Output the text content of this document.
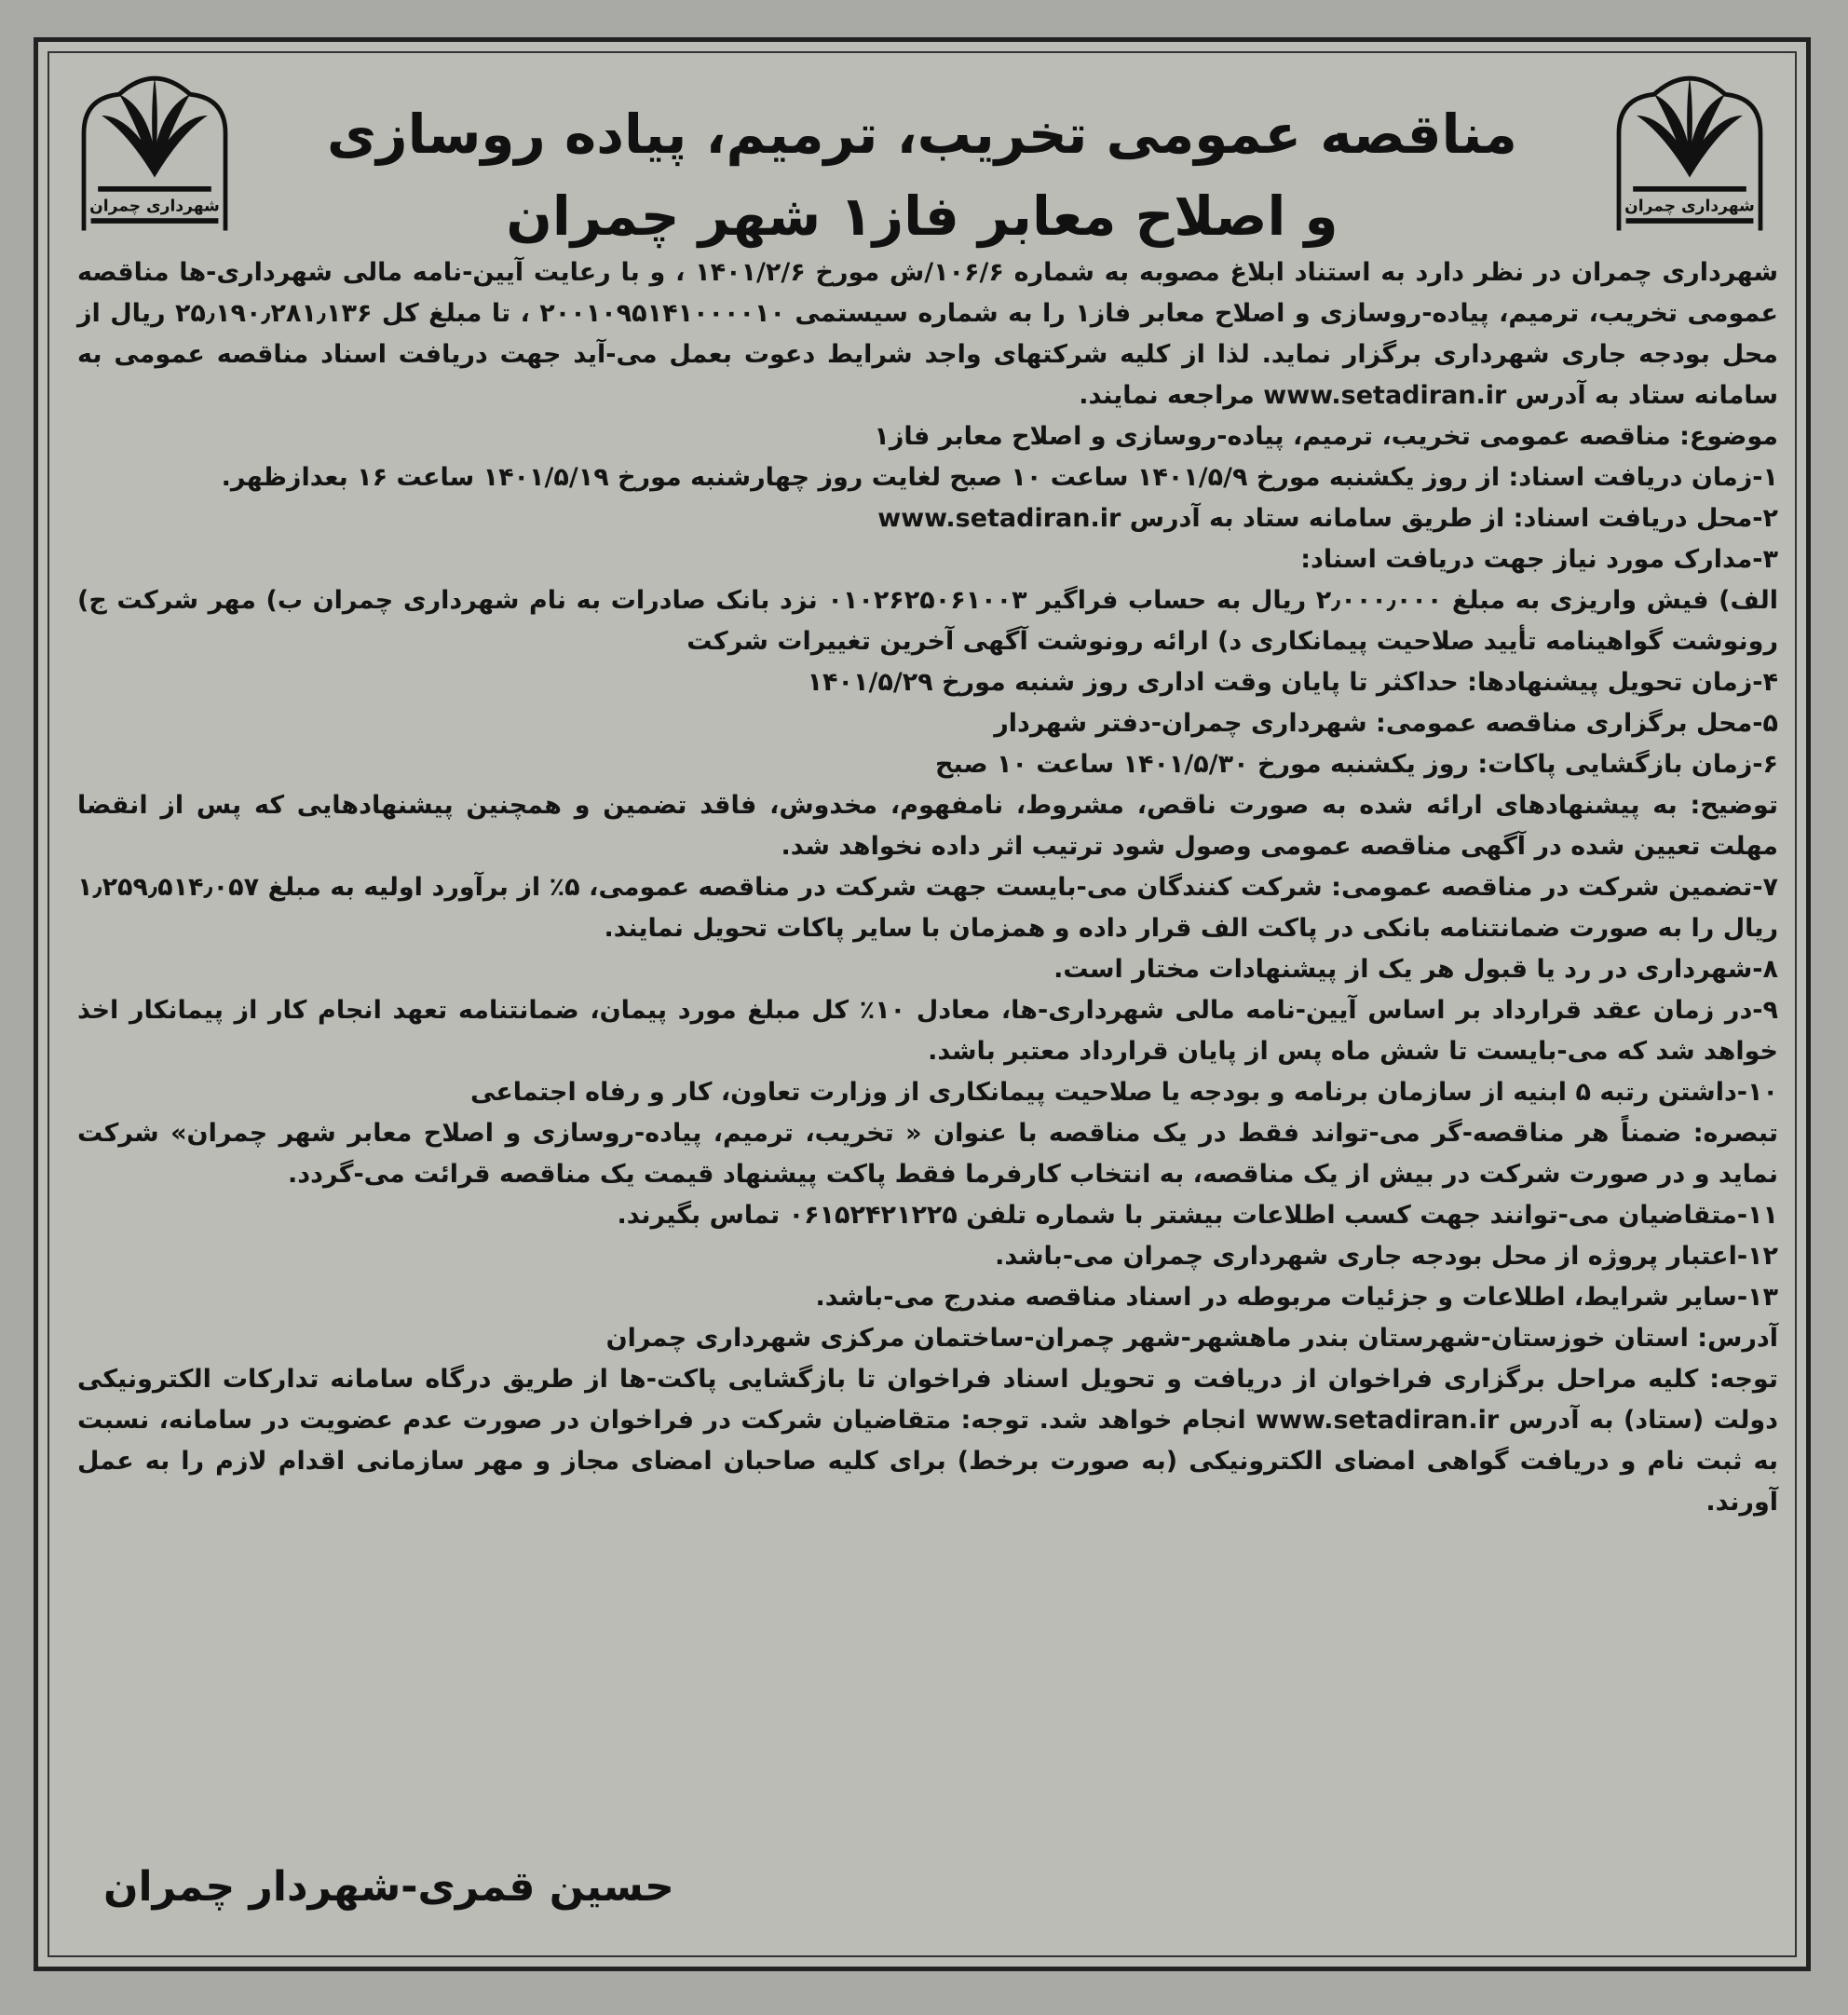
شهرداری چمران	شهرداری چمران
مناقصه عمومی تخریب، ترمیم، پیاده روسازی
و اصلاح معابر فاز۱ شهر چمران

شهرداری چمران در نظر دارد به استناد ابلاغ مصوبه به شماره ۱۰۶/۶/ش مورخ ۱۴۰۱/۲/۶ ، و با رعایت آیین-نامه مالی شهرداری-ها مناقصه عمومی تخریب، ترمیم، پیاده-روسازی و اصلاح معابر فاز۱ را به شماره سیستمی ۲۰۰۱۰۹۵۱۴۱۰۰۰۰۱۰ ، تا مبلغ کل ۲۵٫۱۹۰٫۲۸۱٫۱۳۶ ریال از محل بودجه جاری شهرداری برگزار نماید. لذا از کلیه شرکتهای واجد شرایط دعوت بعمل می-آید جهت دریافت اسناد مناقصه عمومی به سامانه ستاد به آدرس www.setadiran.ir مراجعه نمایند.

موضوع: مناقصه عمومی تخریب، ترمیم، پیاده-روسازی و اصلاح معابر فاز۱

۱-زمان دریافت اسناد: از روز یکشنبه مورخ ۱۴۰۱/۵/۹ ساعت ۱۰ صبح لغایت روز چهارشنبه مورخ ۱۴۰۱/۵/۱۹ ساعت ۱۶ بعدازظهر.

۲-محل دریافت اسناد: از طریق سامانه ستاد به آدرس www.setadiran.ir

۳-مدارک مورد نیاز جهت دریافت اسناد:

الف) فیش واریزی به مبلغ ۲٫۰۰۰٫۰۰۰ ریال به حساب فراگیر ۰۱۰۲۶۲۵۰۶۱۰۰۳ نزد بانک صادرات به نام شهرداری چمران ب) مهر شرکت ج) رونوشت گواهینامه تأیید صلاحیت پیمانکاری د) ارائه رونوشت آگهی آخرین تغییرات شرکت

۴-زمان تحویل پیشنهادها: حداکثر تا پایان وقت اداری روز شنبه مورخ ۱۴۰۱/۵/۲۹

۵-محل برگزاری مناقصه عمومی: شهرداری چمران-دفتر شهردار

۶-زمان بازگشایی پاکات: روز یکشنبه مورخ ۱۴۰۱/۵/۳۰ ساعت ۱۰ صبح

توضیح: به پیشنهادهای ارائه شده به صورت ناقص، مشروط، نامفهوم، مخدوش، فاقد تضمین و همچنین پیشنهادهایی که پس از انقضا مهلت تعیین شده در آگهی مناقصه عمومی وصول شود ترتیب اثر داده نخواهد شد.

۷-تضمین شرکت در مناقصه عمومی: شرکت کنندگان می-بایست جهت شرکت در مناقصه عمومی، ۵٪ از برآورد اولیه به مبلغ ۱٫۲۵۹٫۵۱۴٫۰۵۷ ریال را به صورت ضمانتنامه بانکی در پاکت الف قرار داده و همزمان با سایر پاکات تحویل نمایند.

۸-شهرداری در رد یا قبول هر یک از پیشنهادات مختار است.

۹-در زمان عقد قرارداد بر اساس آیین-نامه مالی شهرداری-ها، معادل ۱۰٪ کل مبلغ مورد پیمان، ضمانتنامه تعهد انجام کار از پیمانکار اخذ خواهد شد که می-بایست تا شش ماه پس از پایان قرارداد معتبر باشد.

۱۰-داشتن رتبه ۵ ابنیه از سازمان برنامه و بودجه یا صلاحیت پیمانکاری از وزارت تعاون، کار و رفاه اجتماعی

تبصره: ضمناً هر مناقصه-گر می-تواند فقط در یک مناقصه با عنوان « تخریب، ترمیم، پیاده-روسازی و اصلاح معابر شهر چمران» شرکت نماید و در صورت شرکت در بیش از یک مناقصه، به انتخاب کارفرما فقط پاکت پیشنهاد قیمت یک مناقصه قرائت می-گردد.

۱۱-متقاضیان می-توانند جهت کسب اطلاعات بیشتر با شماره تلفن ۰۶۱۵۲۴۲۱۲۲۵ تماس بگیرند.

۱۲-اعتبار پروژه از محل بودجه جاری شهرداری چمران می-باشد.

۱۳-سایر شرایط، اطلاعات و جزئیات مربوطه در اسناد مناقصه مندرج می-باشد.

آدرس: استان خوزستان-شهرستان بندر ماهشهر-شهر چمران-ساختمان مرکزی شهرداری چمران

توجه: کلیه مراحل برگزاری فراخوان از دریافت و تحویل اسناد فراخوان تا بازگشایی پاکت-ها از طریق درگاه سامانه تدارکات الکترونیکی دولت (ستاد) به آدرس www.setadiran.ir انجام خواهد شد. توجه: متقاضیان شرکت در فراخوان در صورت عدم عضویت در سامانه، نسبت به ثبت نام و دریافت گواهی امضای الکترونیکی (به صورت برخط) برای کلیه صاحبان امضای مجاز و مهر سازمانی اقدام لازم را به عمل آورند.

حسین قمری-شهردار چمران
